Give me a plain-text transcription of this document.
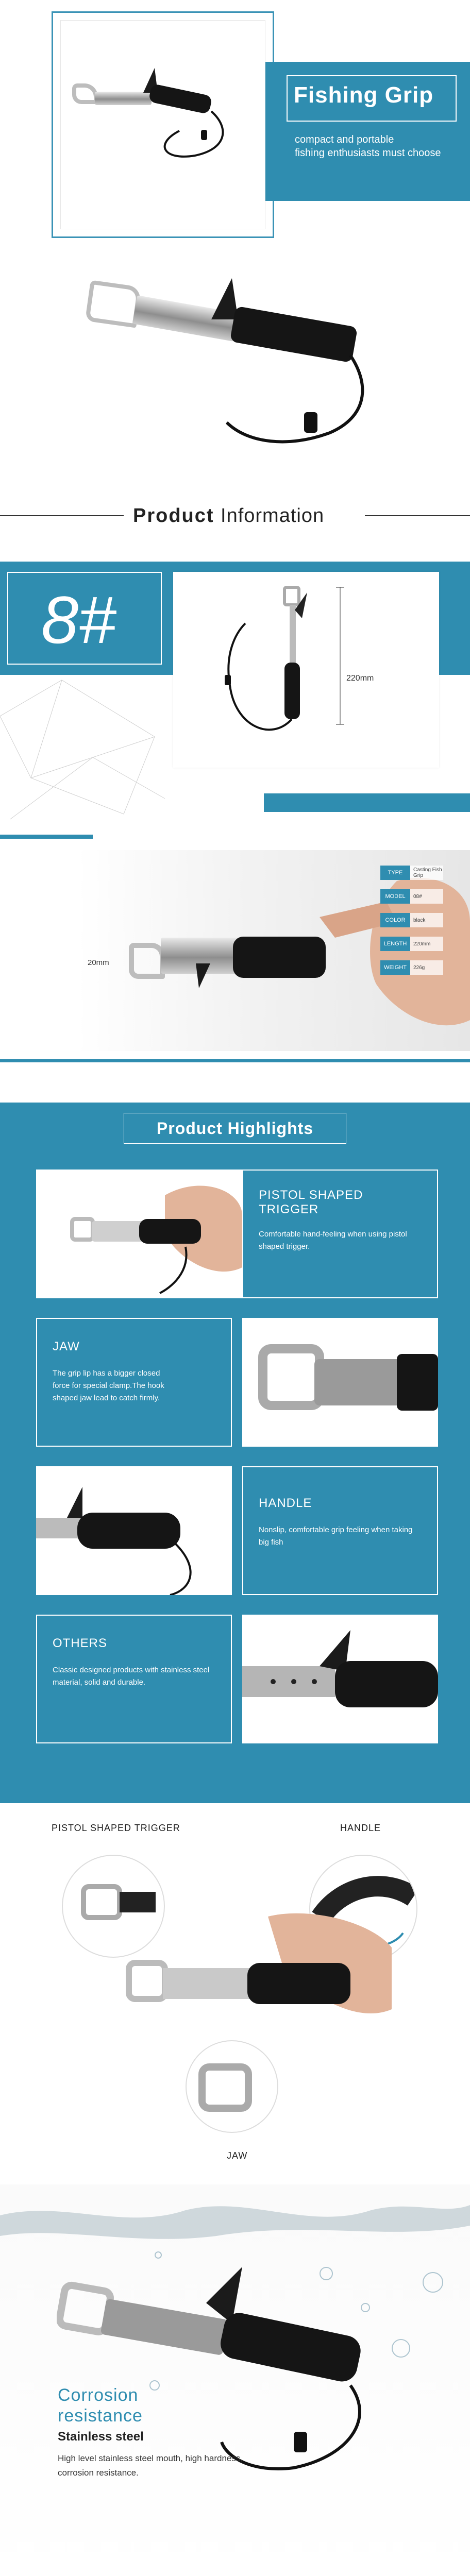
Fishing Grip

compact and portable
fishing enthusiasts must choose

Product Information
8#
220mm
20mm
TYPE	Casting Fish Grip
MODEL	08#
COLOR	black
LENGTH	220mm
WEIGHT	226g
Product Highlights
PISTOL SHAPED TRIGGER
Comfortable hand-feeling when using pistol shaped trigger.
JAW
The grip lip has a bigger closed force for special clamp.The hook shaped jaw lead to catch firmly.
HANDLE
Nonslip, comfortable grip feeling when taking big fish
OTHERS
Classic designed products with stainless steel material, solid and durable.
PISTOL SHAPED TRIGGER	HANDLE
JAW
Corrosion
resistance
Stainless steel
High level stainless steel mouth, high hardness, corrosion resistance.
